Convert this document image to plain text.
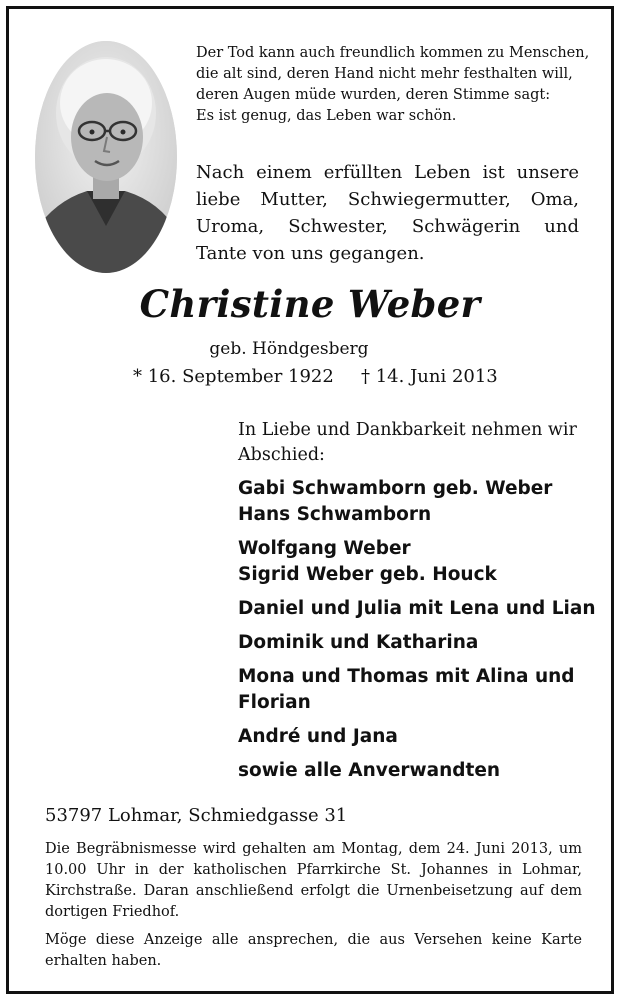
Der Tod kann auch freundlich kommen zu Menschen,
die alt sind, deren Hand nicht mehr festhalten will,
deren Augen müde wurden, deren Stimme sagt:
Es ist genug, das Leben war schön.
Nach einem erfüllten Leben ist unsere liebe Mutter, Schwiegermutter, Oma, Uroma, Schwester, Schwägerin und Tante von uns gegangen.
Christine Weber
geb. Höndgesberg
* 16. September 1922 † 14. Juni 2013
In Liebe und Dankbarkeit nehmen wir Abschied:
Gabi Schwamborn geb. Weber
Hans Schwamborn
Wolfgang Weber
Sigrid Weber geb. Houck
Daniel und Julia mit Lena und Lian
Dominik und Katharina
Mona und Thomas mit Alina und
Florian
André und Jana
sowie alle Anverwandten
53797 Lohmar, Schmiedgasse 31

Die Begräbnismesse wird gehalten am Montag, dem 24. Juni 2013, um 10.00 Uhr in der katholischen Pfarrkirche St. Johannes in Lohmar, Kirchstraße. Daran anschließend erfolgt die Urnenbeisetzung auf dem dortigen Friedhof.

Möge diese Anzeige alle ansprechen, die aus Versehen keine Karte erhalten haben.
